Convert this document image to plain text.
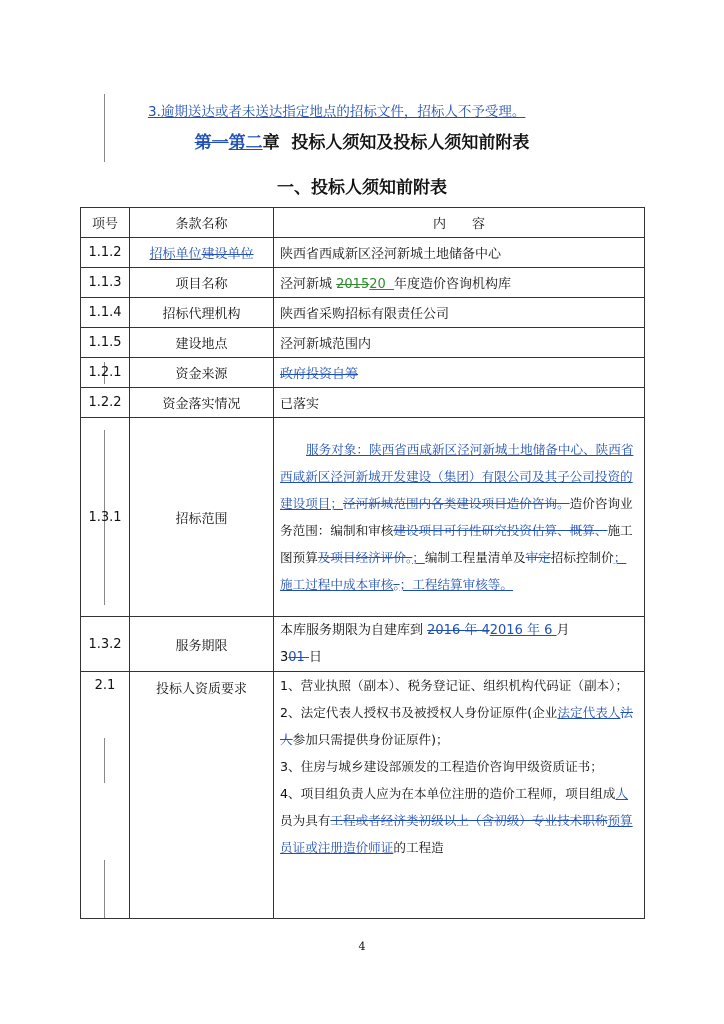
3.逾期送达或者未送达指定地点的招标文件，招标人不予受理。
第一第二章  投标人须知及投标人须知前附表
一、投标人须知前附表
项号	条款名称	内　　容
1.1.2	招标单位建设单位	陕西省西咸新区泾河新城土地储备中心
1.1.3	项目名称	泾河新城 201520  年度造价咨询机构库
1.1.4	招标代理机构	陕西省采购招标有限责任公司
1.1.5	建设地点	泾河新城范围内
1.2.1	资金来源	政府投资自筹
1.2.2	资金落实情况	已落实
1.3.1	招标范围	服务对象：陕西省西咸新区泾河新城土地储备中心、陕西省西咸新区泾河新城开发建设（集团）有限公司及其子公司投资的建设项目；泾河新城范围内各类建设项目造价咨询。造价咨询业务范围：编制和审核建设项目可行性研究投资估算、概算、施工图预算及项目经济评价。；编制工程量清单及审定招标控制价；施工过程中成本审核。；工程结算审核等。
1.3.2	服务期限	本库服务期限为自建库到 2016 年 42016 年 6 月
301 日
2.1	投标人资质要求	1、营业执照（副本）、税务登记证、组织机构代码证（副本）；
2、法定代表人授权书及被授权人身份证原件(企业法定代表人法人参加只需提供身份证原件)；
3、住房与城乡建设部颁发的工程造价咨询甲级资质证书；
4、项目组负责人应为在本单位注册的造价工程师，项目组成人员为具有工程或者经济类初级以上（含初级）专业技术职称预算员证或注册造价师证的工程造
4
